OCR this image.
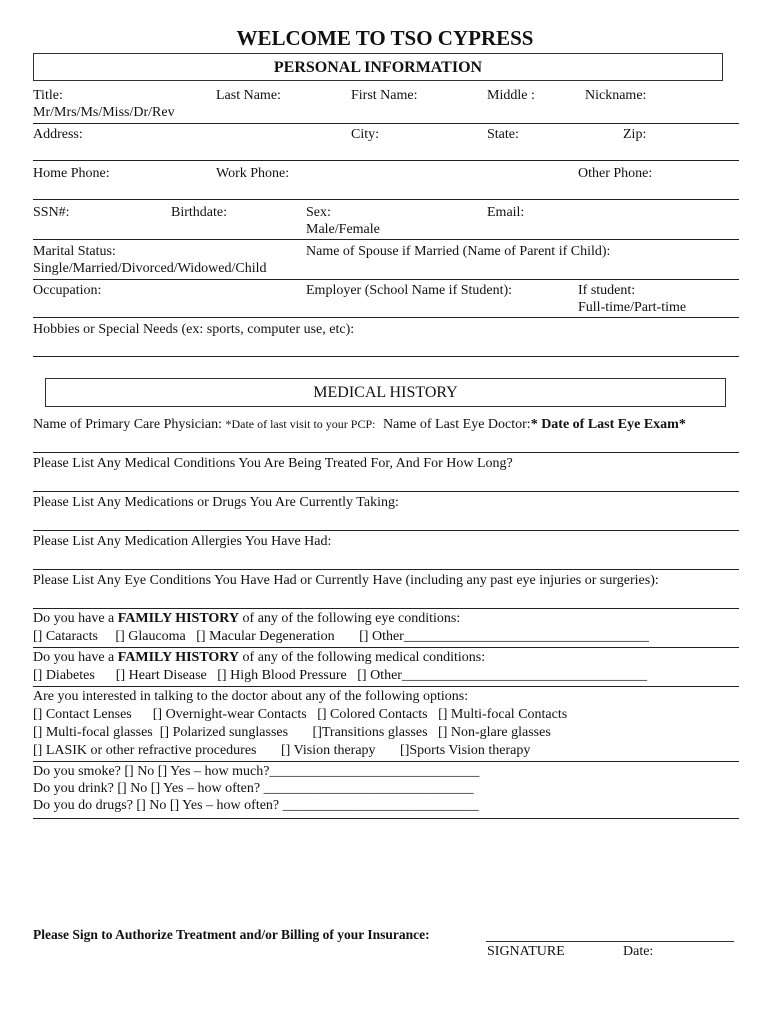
WELCOME TO TSO CYPRESS
PERSONAL INFORMATION
Title:
Mr/Mrs/Ms/Miss/Dr/Rev
Last Name:	First Name:	Middle :	Nickname:
Address:	City:	State:	Zip:
Home Phone:	Work Phone:	Other Phone:
SSN#:	Birthdate:	Sex:
Male/Female
Email:
Marital Status:
Single/Married/Divorced/Widowed/Child
Name of Spouse if Married (Name of Parent if Child):
Occupation:	Employer (School Name if Student):	If student:
Full-time/Part-time
Hobbies or Special Needs (ex: sports, computer use, etc):
MEDICAL HISTORY
Name of Primary Care Physician: *Date of last visit to your PCP: Name of Last Eye Doctor:* Date of Last Eye Exam*
Please List Any Medical Conditions You Are Being Treated For, And For How Long?
Please List Any Medications or Drugs You Are Currently Taking:
Please List Any Medication Allergies You Have Had:
Please List Any Eye Conditions You Have Had or Currently Have (including any past eye injuries or surgeries):
Do you have a FAMILY HISTORY of any of the following eye conditions:
[] Cataracts     [] Glaucoma   [] Macular Degeneration       [] Other___________________________________
Do you have a FAMILY HISTORY of any of the following medical conditions:
[] Diabetes      [] Heart Disease   [] High Blood Pressure   [] Other___________________________________
Are you interested in talking to the doctor about any of the following options:
[] Contact Lenses      [] Overnight-wear Contacts   [] Colored Contacts   [] Multi-focal Contacts
[] Multi-focal glasses  [] Polarized sunglasses       []Transitions glasses   [] Non-glare glasses
[] LASIK or other refractive procedures       [] Vision therapy       []Sports Vision therapy
Do you smoke? [] No [] Yes – how much?______________________________
Do you drink? [] No [] Yes – how often? ______________________________
Do you do drugs? [] No [] Yes – how often? ____________________________
Please Sign to Authorize Treatment and/or Billing of your Insurance:
SIGNATURE	Date:
